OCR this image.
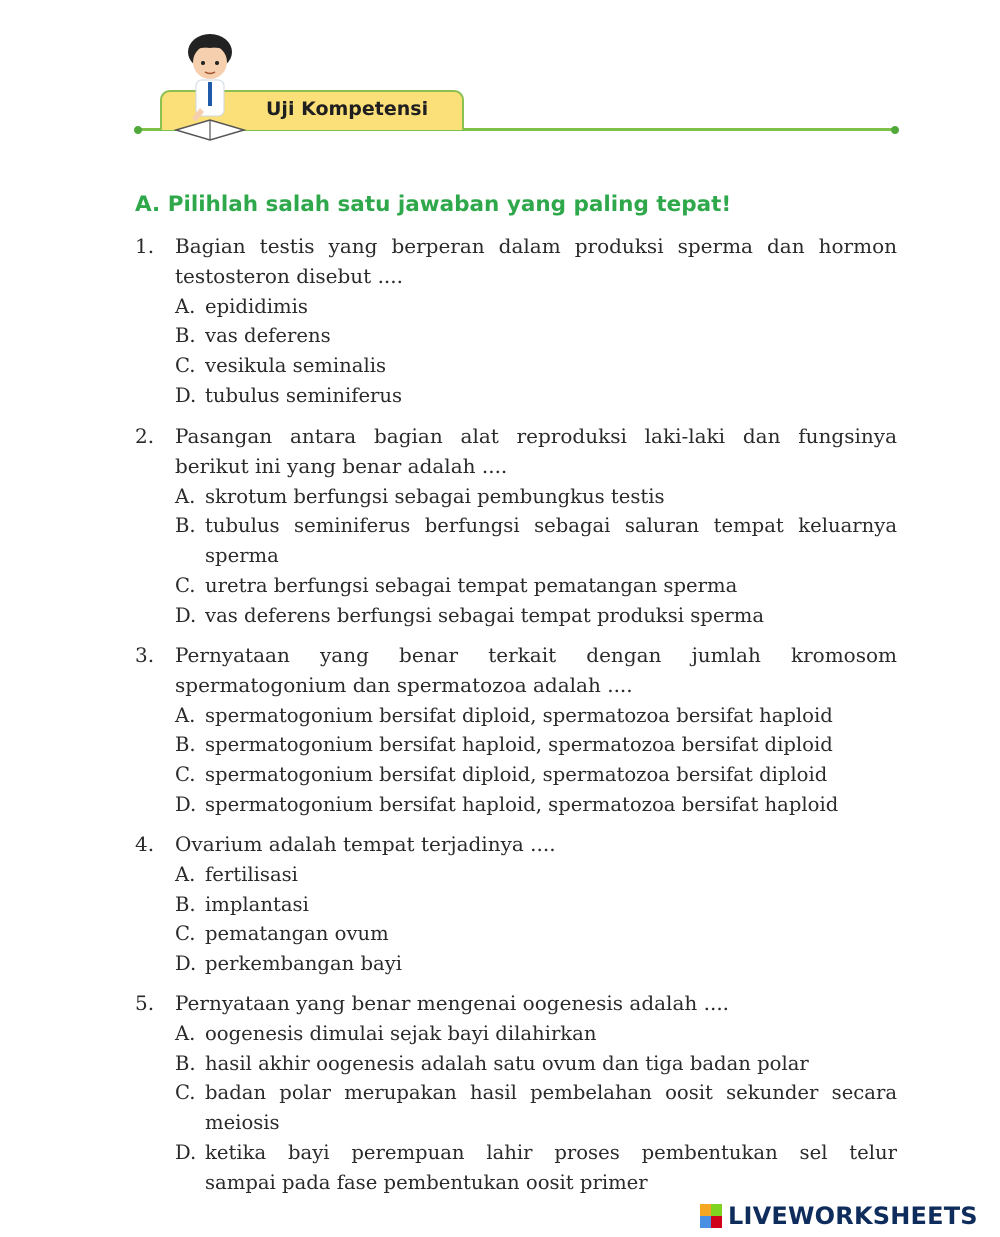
Uji Kompetensi
A. Pilihlah salah satu jawaban yang paling tepat!
1. Bagian testis yang berperan dalam produksi sperma dan hormon
testosteron disebut ....
A. epididimis
B. vas deferens
C. vesikula seminalis
D. tubulus seminiferus
2. Pasangan antara bagian alat reproduksi laki-laki dan fungsinya
berikut ini yang benar adalah ....
A. skrotum berfungsi sebagai pembungkus testis
B. tubulus seminiferus berfungsi sebagai saluran tempat keluarnya
sperma
C. uretra berfungsi sebagai tempat pematangan sperma
D. vas deferens berfungsi sebagai tempat produksi sperma
3. Pernyataan yang benar terkait dengan jumlah kromosom
spermatogonium dan spermatozoa adalah ....
A. spermatogonium bersifat diploid, spermatozoa bersifat haploid
B. spermatogonium bersifat haploid, spermatozoa bersifat diploid
C. spermatogonium bersifat diploid, spermatozoa bersifat diploid
D. spermatogonium bersifat haploid, spermatozoa bersifat haploid
4. Ovarium adalah tempat terjadinya ....
A. fertilisasi
B. implantasi
C. pematangan ovum
D. perkembangan bayi
5. Pernyataan yang benar mengenai oogenesis adalah ....
A. oogenesis dimulai sejak bayi dilahirkan
B. hasil akhir oogenesis adalah satu ovum dan tiga badan polar
C. badan polar merupakan hasil pembelahan oosit sekunder secara
meiosis
D. ketika bayi perempuan lahir proses pembentukan sel telur
sampai pada fase pembentukan oosit primer
LIVEWORKSHEETS
